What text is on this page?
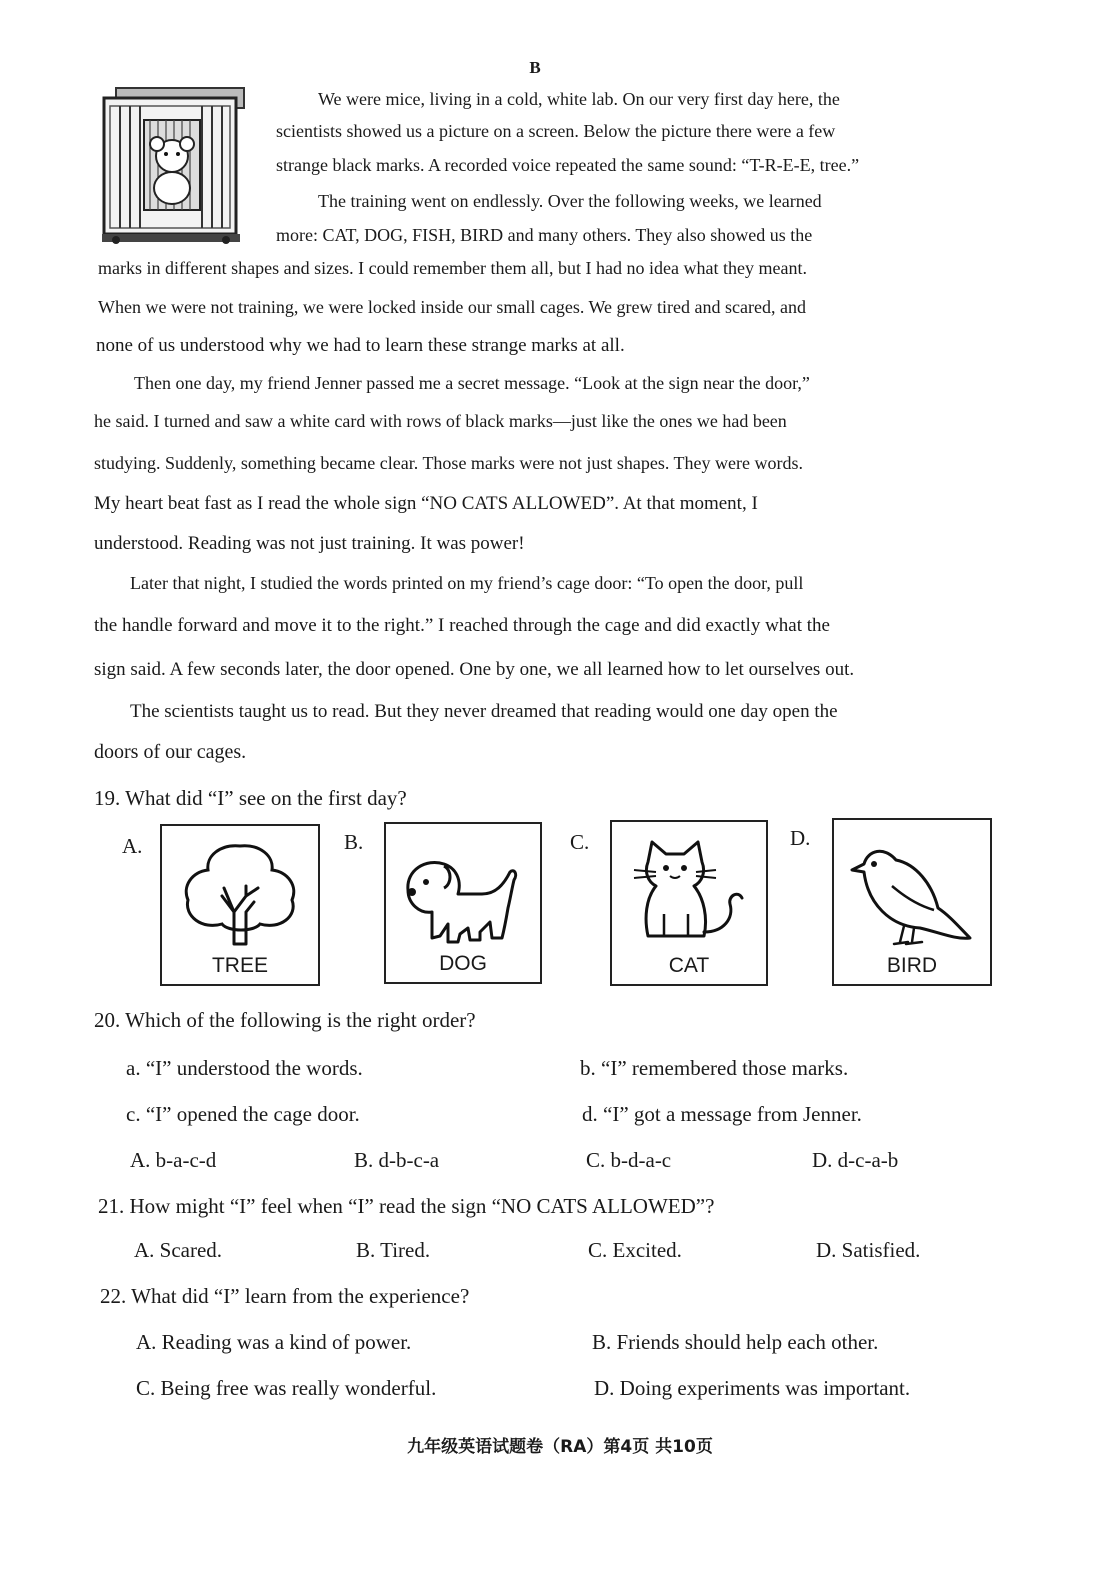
B
We were mice, living in a cold, white lab. On our very first day here, the
scientists showed us a picture on a screen. Below the picture there were a few
strange black marks. A recorded voice repeated the same sound: “T-R-E-E, tree.”
The training went on endlessly. Over the following weeks, we learned
more: CAT, DOG, FISH, BIRD and many others. They also showed us the
marks in different shapes and sizes. I could remember them all, but I had no idea what they meant.
When we were not training, we were locked inside our small cages. We grew tired and scared, and
none of us understood why we had to learn these strange marks at all.
Then one day, my friend Jenner passed me a secret message. “Look at the sign near the door,”
he said. I turned and saw a white card with rows of black marks—just like the ones we had been
studying. Suddenly, something became clear. Those marks were not just shapes. They were words.
My heart beat fast as I read the whole sign “NO CATS ALLOWED”. At that moment, I
understood. Reading was not just training. It was power!
Later that night, I studied the words printed on my friend’s cage door: “To open the door, pull
the handle forward and move it to the right.” I reached through the cage and did exactly what the
sign said. A few seconds later, the door opened. One by one, we all learned how to let ourselves out.
The scientists taught us to read. But they never dreamed that reading would one day open the
doors of our cages.
19. What did “I” see on the first day?
A.	B.	C.	D.
TREE	DOG	CAT	BIRD
20. Which of the following is the right order?
a. “I” understood the words.	b. “I” remembered those marks.
c. “I” opened the cage door.	d. “I” got a message from Jenner.
A. b-a-c-d	B. d-b-c-a	C. b-d-a-c	D. d-c-a-b
21. How might “I” feel when “I” read the sign “NO CATS ALLOWED”?
A. Scared.	B. Tired.	C. Excited.	D. Satisfied.
22. What did “I” learn from the experience?
A. Reading was a kind of power.	B. Friends should help each other.
C. Being free was really wonderful.	D. Doing experiments was important.
九年级英语试题卷（RA）第4页 共10页
